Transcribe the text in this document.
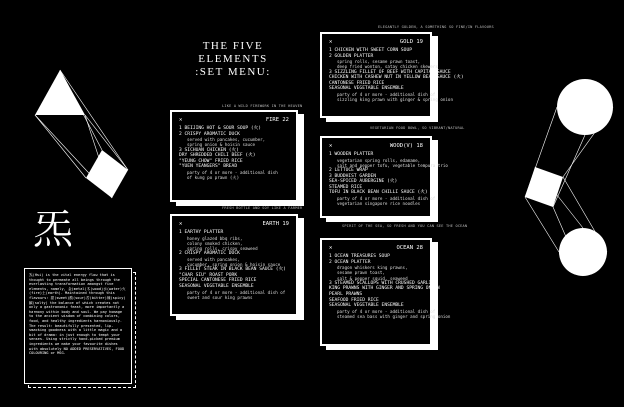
炁
炁(Hsi) is the vital energy flow that is thought to permeate all beings through the everlasting transformation amongst five elements, namely, 金(metal)木(wood)水(water)火(fire)土(earth). Maintained through this flavours: 甜(sweet)酸(sour)苦(bitter)辣(spicy)鹹(salty) the balance of which creates not only a gastronomic feast, more importantly a harmony within body and soul. We pay homage to the ancient wisdom of combining colors, food, and healthy ingredients harmoniously. The result: beautifully presented, lip-smacking goodness with a little magic and a bit of drama: in just enough to tempt your senses. Using strictly hand-picked premium ingredients we make your favourite dishes with absolutely NO ADDED PRESERVATIVES, FOOD COLOURING or MSG.
THE FIVE ELEMENTS
:SET MENU:
LIKE A WILD FIREWORK IN THE HEAVEN
✕	FIRE 22
1 BEIJING HOT & SOUR SOUP (火)
2 CRISPY AROMATIC DUCK
served with pancakes, cucumber,
spring onion & hoisin sauce
3 SICHUAN CHICKEN (火)
DRY SHREDDED CHILI BEEF (火)
"YEUNG CHOW" FRIED RICE
"YUEN YEANGERS" BREAD
party of 4 or more - additional dish
of kung po prawn (火)
FRESH BOTTLE AND SOY LIKE A FARMER
✕	EARTH 19
1 EARTHY PLATTER
honey glazed bbq ribs,
colony smoked chicken,
spring rolls, crispy seaweed
2 CRISPY AROMATIC DUCK
served with pancakes,
cucumber, spring onion & hoisin sauce
3 FILLET STEAK IN BLACK BEAN SAUCE (火)
"CHAR SIU" ROAST PORK
SPECIAL CANTONESE FRIED RICE
SEASONAL VEGETABLE ENSEMBLE
party of 4 or more - additional dish of
sweet and sour king prawns
ELEGANTLY GOLDEN, A SOMETHING SO FINE/IN FLAVOURS
✕	GOLD 19
1 CHICKEN WITH SWEET CORN SOUP
2 GOLDEN PLATTER
spring rolls, sesame prawn toast,
deep fried wonton, satay chicken skewers
3 SIZZLING FILLET OF BEEF WITH CAPITAL SAUCE
CHICKEN WITH CASHEW NUT IN YELLOW BEAN SAUCE (火)
CANTONESE FRIED RICE
SEASONAL VEGETABLE ENSEMBLE
party of 4 or more - additional dish of
sizzling king prawn with ginger & spring onion
VEGETARIAN FOOD BOWL, SO VIBRANT/NATURAL
✕	WOOD(V) 18
1 WOODEN PLATTER
vegetarian spring rolls, edamame,
salt and pepper tofu, vegetable tempura trio
2 LETTUCE WRAP
3 BUDDHIST GARDEN
SEA-SPICED AUBERGINE (火)
STEAMED RICE
TOFU IN BLACK BEAN CHILLI SAUCE (火)
party of 4 or more - additional dish of
vegetarian singapore rice noodles
SPIRIT OF THE SEA, SO FRESH AND YOU CAN SEE THE OCEAN
✕	OCEAN 28
1 OCEAN TREASURES SOUP
2 OCEAN PLATTER
dragon whiskers king prawns,
sesame prawn toast,
salt & pepper squid, seaweed
3 STEAMED SCALLOPS WITH CRUSHED GARLIC
KING PRAWNS WITH GINGER AND SPRING ONION
PEARL PRAWNS
SEAFOOD FRIED RICE
SEASONAL VEGETABLE ENSEMBLE
party of 4 or more - additional dish of
steamed sea bass with ginger and spring onion
